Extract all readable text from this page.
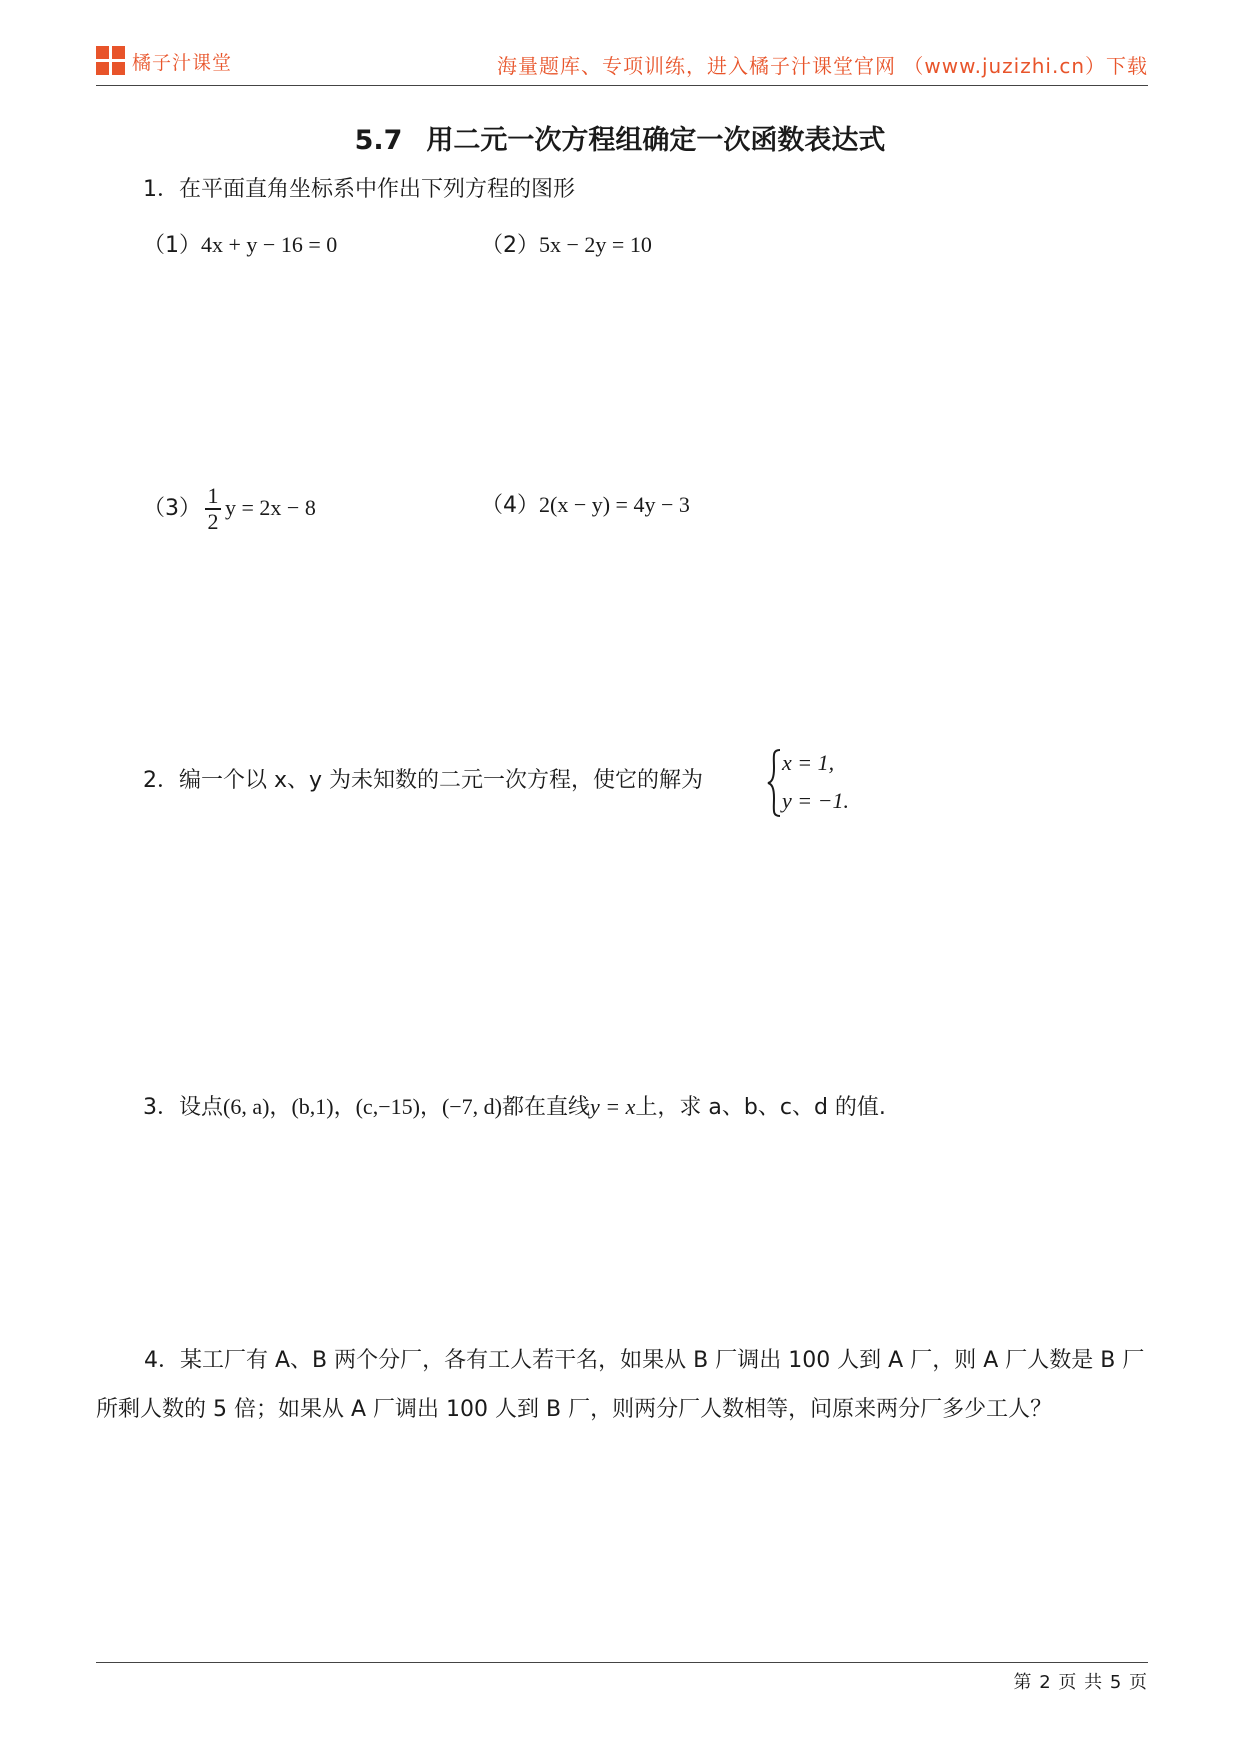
橘子汁课堂	海量题库、专项训练，进入橘子汁课堂官网 （www.juzizhi.cn）下载
5.7 用二元一次方程组确定一次函数表达式
1．在平面直角坐标系中作出下列方程的图形
（1）4x + y − 16 = 0	（2）5x − 2y = 10
$(3) \frac{1}{2}$ y = 2x − 8	（4）2(x − y) = 4y − 3
2．编一个以 x、y 为未知数的二元一次方程，使它的解为
x = 1,
y = −1.
3．设点(6, a)，(b,1)，(c,−15)，(−7, d)都在直线y = x上，求 a、b、c、d 的值.
4．某工厂有 A、B 两个分厂，各有工人若干名，如果从 B 厂调出 100 人到 A 厂，则 A 厂人数是 B 厂所剩人数的 5 倍；如果从 A 厂调出 100 人到 B 厂，则两分厂人数相等，问原来两分厂多少工人？
第 2 页 共 5 页
